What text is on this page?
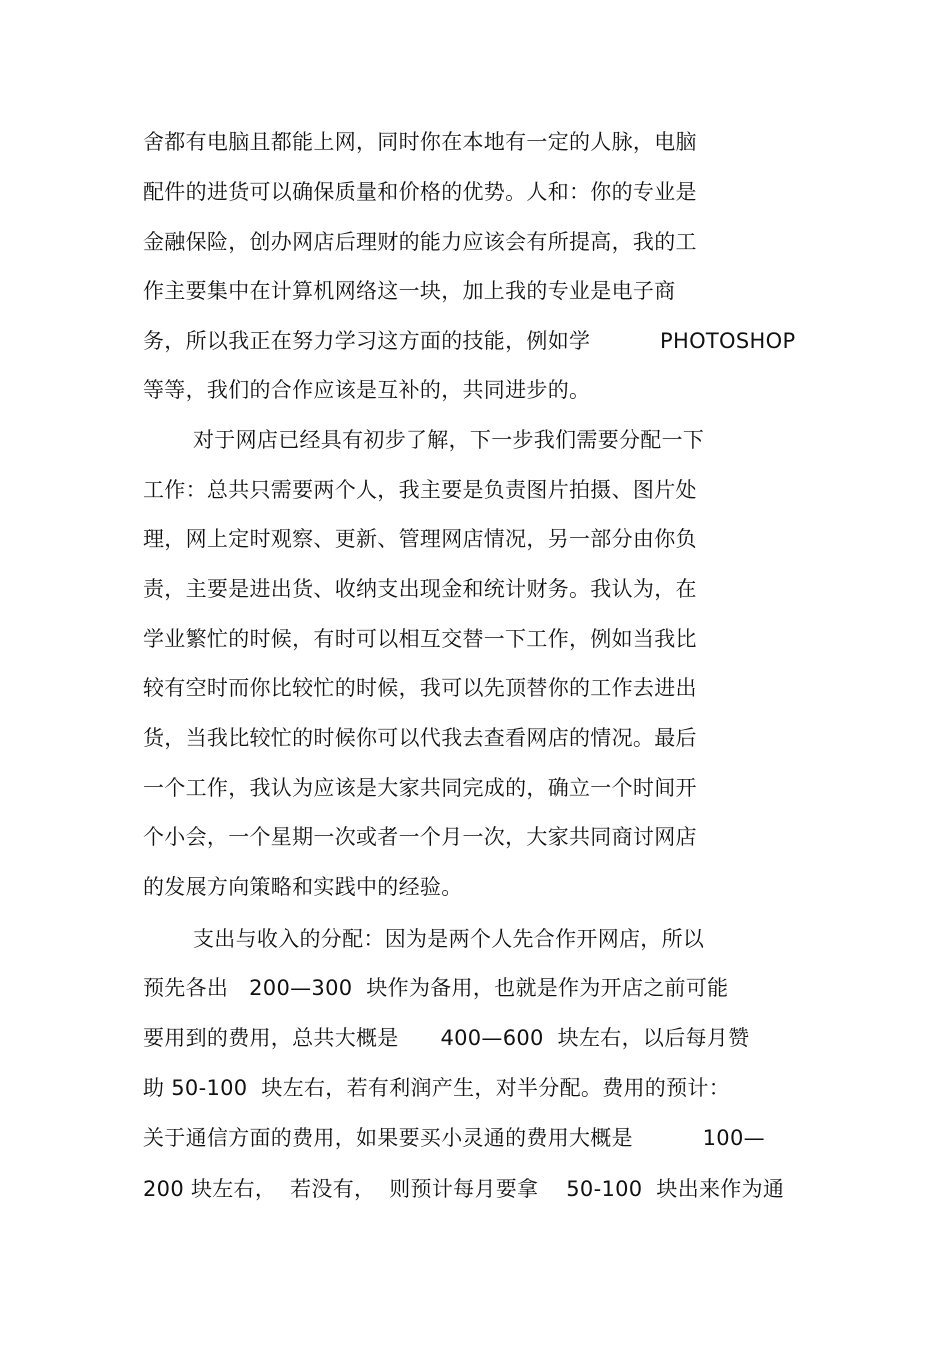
舍都有电脑且都能上网，同时你在本地有一定的人脉，电脑
配件的进货可以确保质量和价格的优势。人和：你的专业是
金融保险，创办网店后理财的能力应该会有所提高，我的工
作主要集中在计算机网络这一块，加上我的专业是电子商
务，所以我正在努力学习这方面的技能，例如学          PHOTOSHOP
等等，我们的合作应该是互补的，共同进步的。
对于网店已经具有初步了解，下一步我们需要分配一下
工作：总共只需要两个人，我主要是负责图片拍摄、图片处
理，网上定时观察、更新、管理网店情况，另一部分由你负
责，主要是进出货、收纳支出现金和统计财务。我认为，在
学业繁忙的时候，有时可以相互交替一下工作，例如当我比
较有空时而你比较忙的时候，我可以先顶替你的工作去进出
货，当我比较忙的时候你可以代我去查看网店的情况。最后
一个工作，我认为应该是大家共同完成的，确立一个时间开
个小会，一个星期一次或者一个月一次，大家共同商讨网店
的发展方向策略和实践中的经验。
支出与收入的分配：因为是两个人先合作开网店，所以
预先各出   200—300  块作为备用，也就是作为开店之前可能
要用到的费用，总共大概是      400—600  块左右，以后每月赞
助 50-100  块左右，若有利润产生，对半分配。费用的预计：
关于通信方面的费用，如果要买小灵通的费用大概是          100—
200 块左右，  若没有，  则预计每月要拿    50-100  块出来作为通
